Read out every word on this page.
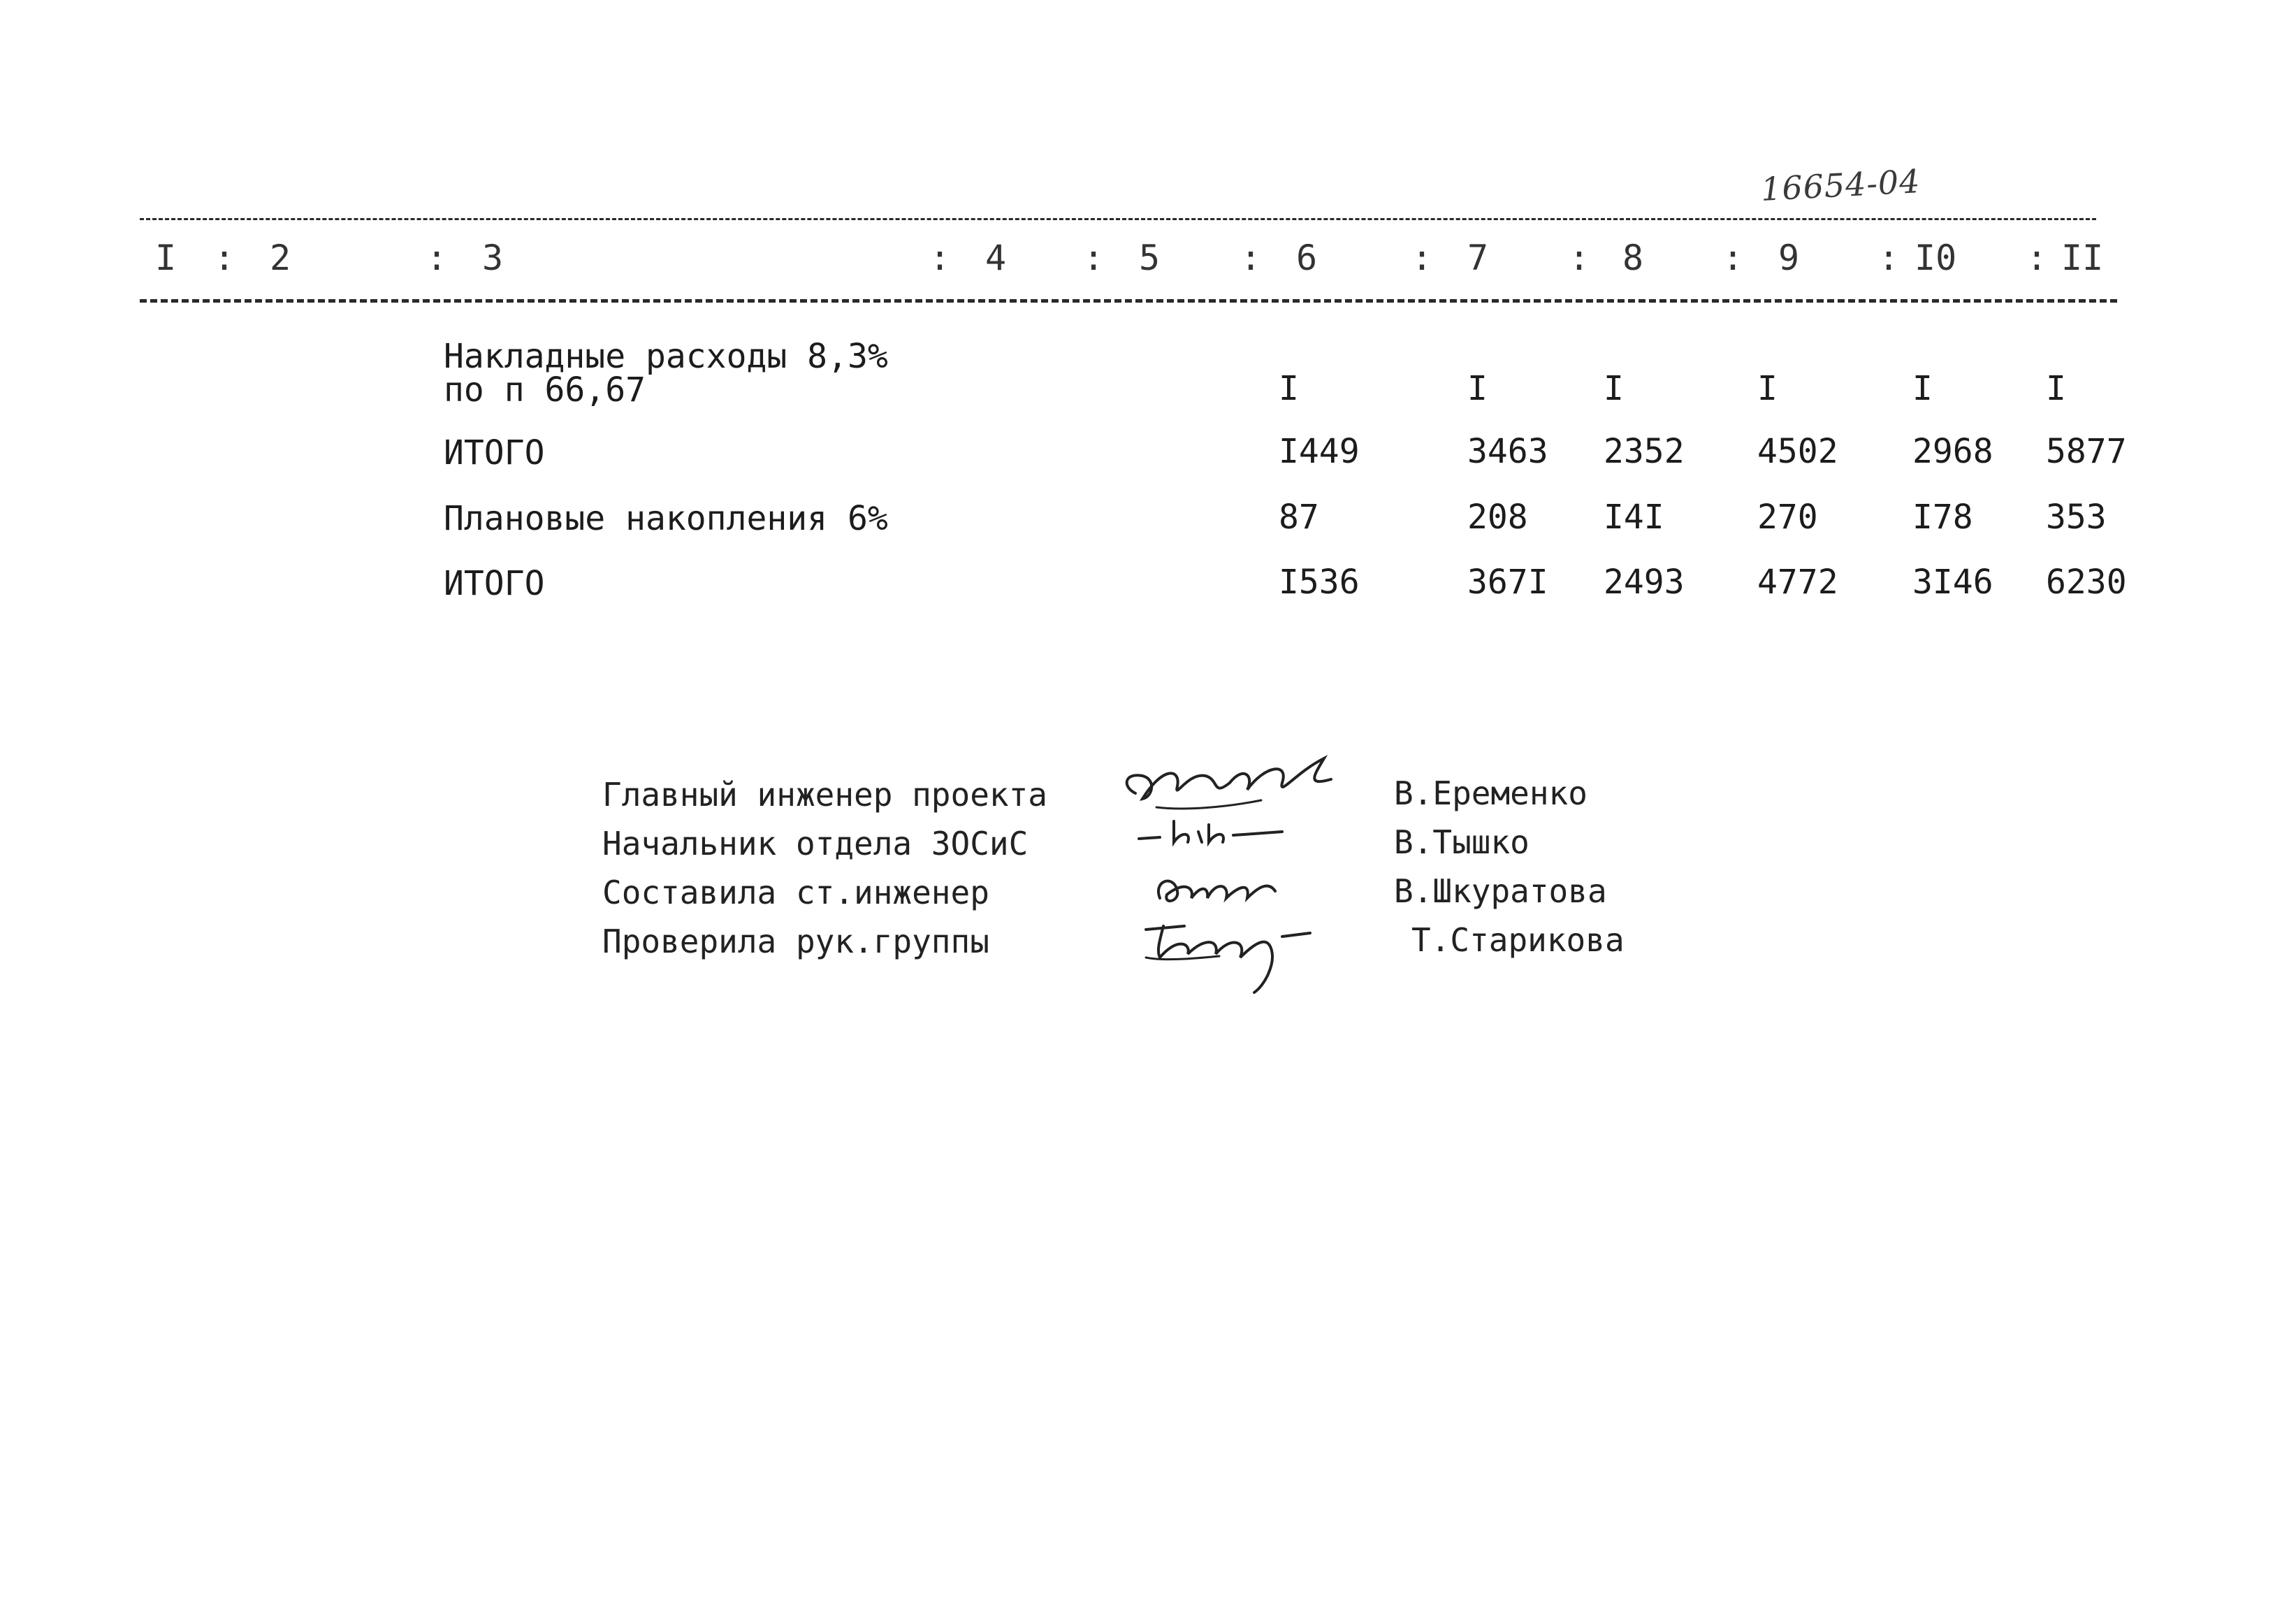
16654-04
I : 2	: 3	: 4 : 5 : 6	: 7 : 8 : 9 : I0 : II
Накладные расходы 8,3%
по п 66,67	I	I	I	I	I	I
ИТОГО	I449	3463 2352 4502 2968 5877
Плановые накопления 6%	87	208 I4I	270	I78 353
ИТОГО	I536	367I 2493 4772 3I46 6230
Главный инженер проекта	В.Еременко
Начальник отдела ЗОСиС	В.Тышко
Составила ст.инженер	В.Шкуратова
Проверила рук.группы	Т.Старикова
